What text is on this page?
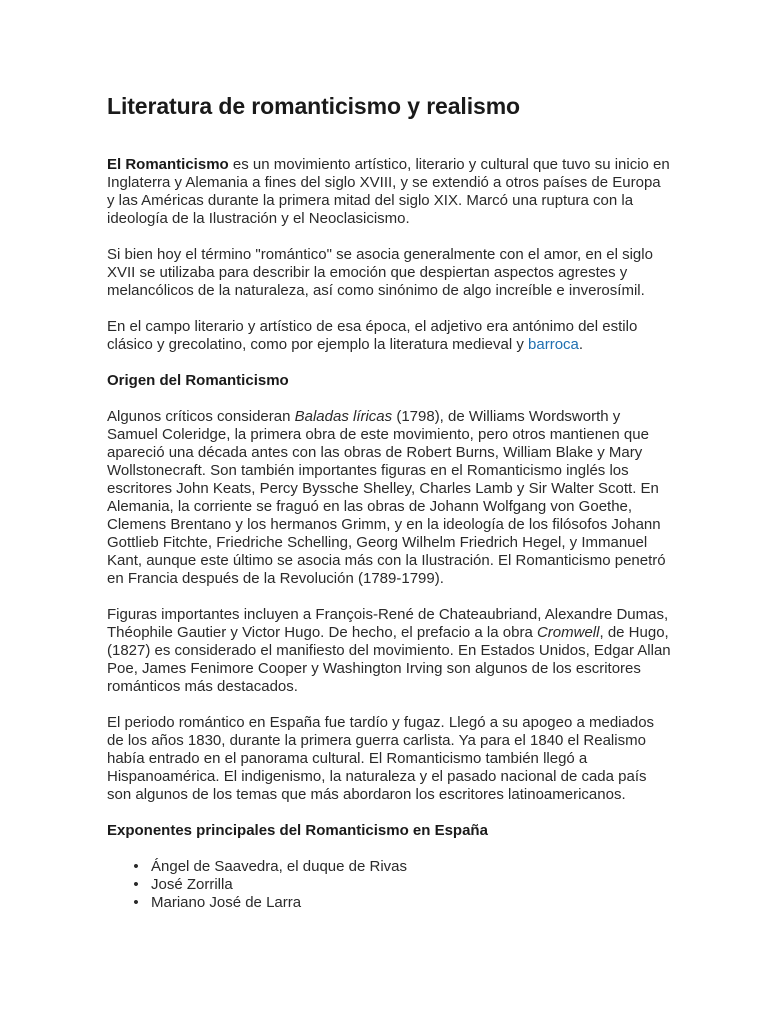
Literatura de romanticismo y realismo

El Romanticismo es un movimiento artístico, literario y cultural que tuvo su inicio en Inglaterra y Alemania a fines del siglo XVIII, y se extendió a otros países de Europa y las Américas durante la primera mitad del siglo XIX. Marcó una ruptura con la ideología de la Ilustración y el Neoclasicismo.

Si bien hoy el término "romántico" se asocia generalmente con el amor, en el siglo XVII se utilizaba para describir la emoción que despiertan aspectos agrestes y melancólicos de la naturaleza, así como sinónimo de algo increíble e inverosímil.

En el campo literario y artístico de esa época, el adjetivo era antónimo del estilo clásico y grecolatino, como por ejemplo la literatura medieval y barroca.

Origen del Romanticismo

Algunos críticos consideran Baladas líricas (1798), de Williams Wordsworth y Samuel Coleridge, la primera obra de este movimiento, pero otros mantienen que apareció una década antes con las obras de Robert Burns, William Blake y Mary Wollstonecraft. Son también importantes figuras en el Romanticismo inglés los escritores John Keats, Percy Byssche Shelley, Charles Lamb y Sir Walter Scott. En Alemania, la corriente se fraguó en las obras de Johann Wolfgang von Goethe, Clemens Brentano y los hermanos Grimm, y en la ideología de los filósofos Johann Gottlieb Fitchte, Friedriche Schelling, Georg Wilhelm Friedrich Hegel, y Immanuel Kant, aunque este último se asocia más con la Ilustración. El Romanticismo penetró en Francia después de la Revolución (1789-1799).

Figuras importantes incluyen a François-René de Chateaubriand, Alexandre Dumas, Théophile Gautier y Victor Hugo. De hecho, el prefacio a la obra Cromwell, de Hugo, (1827) es considerado el manifiesto del movimiento. En Estados Unidos, Edgar Allan Poe, James Fenimore Cooper y Washington Irving son algunos de los escritores románticos más destacados.

El periodo romántico en España fue tardío y fugaz. Llegó a su apogeo a mediados de los años 1830, durante la primera guerra carlista. Ya para el 1840 el Realismo había entrado en el panorama cultural. El Romanticismo también llegó a Hispanoamérica. El indigenismo, la naturaleza y el pasado nacional de cada país son algunos de los temas que más abordaron los escritores latinoamericanos.

Exponentes principales del Romanticismo en España
• Ángel de Saavedra, el duque de Rivas
• José Zorrilla
• Mariano José de Larra
